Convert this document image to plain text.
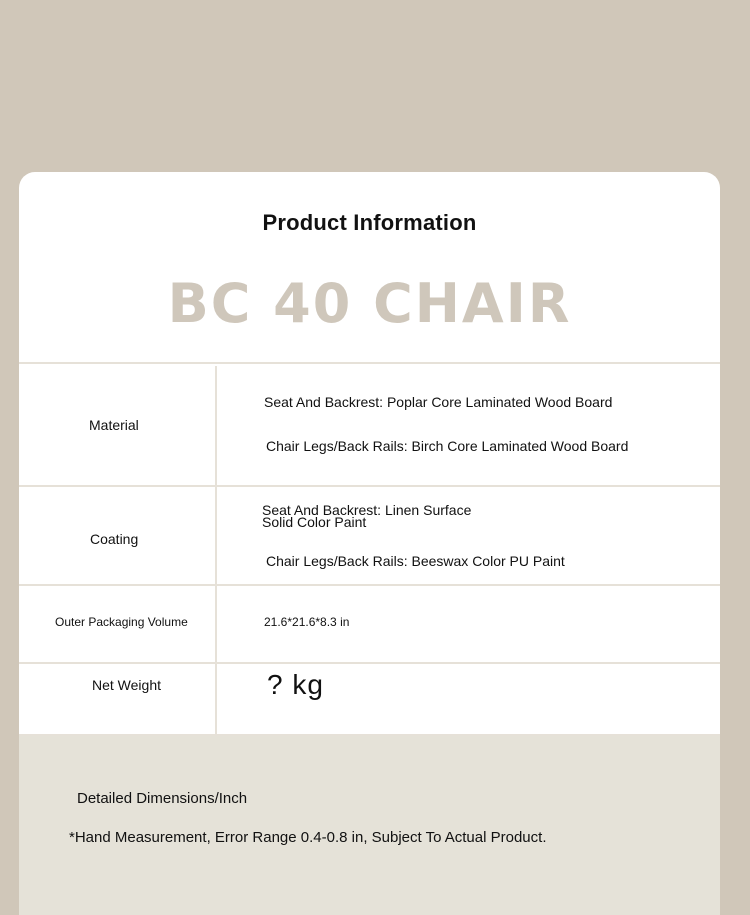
Product Information
BC 40 CHAIR
Material
Seat And Backrest: Poplar Core Laminated Wood Board
Chair Legs/Back Rails: Birch Core Laminated Wood Board
Coating
Seat And Backrest: Linen Surface
Solid Color Paint
Chair Legs/Back Rails: Beeswax Color PU Paint
Outer Packaging Volume	21.6*21.6*8.3 in
Net Weight	? kg
Detailed Dimensions/Inch
*Hand Measurement, Error Range 0.4-0.8 in, Subject To Actual Product.
